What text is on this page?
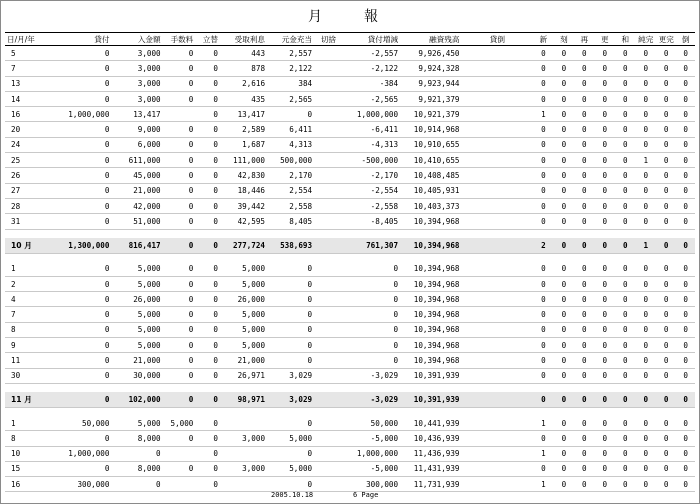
月　報
日/月/年	貸付	入金額	手数料	立替	受取利息	元金充当	切捨	貸付増減	融資残高	貸倒	新	刻	再	更	和	純完	更完	倒
5	0	3,000	0	0	443	2,557		-2,557	9,926,450		0	0	0	0	0	0	0	0
7	0	3,000	0	0	878	2,122		-2,122	9,924,328		0	0	0	0	0	0	0	0
13	0	3,000	0	0	2,616	384		-384	9,923,944		0	0	0	0	0	0	0	0
14	0	3,000	0	0	435	2,565		-2,565	9,921,379		0	0	0	0	0	0	0	0
16	1,000,000	13,417		0	13,417	0		1,000,000	10,921,379		1	0	0	0	0	0	0	0
20	0	9,000	0	0	2,589	6,411		-6,411	10,914,968		0	0	0	0	0	0	0	0
24	0	6,000	0	0	1,687	4,313		-4,313	10,910,655		0	0	0	0	0	0	0	0
25	0	611,000	0	0	111,000	500,000		-500,000	10,410,655		0	0	0	0	0	1	0	0
26	0	45,000	0	0	42,830	2,170		-2,170	10,408,485		0	0	0	0	0	0	0	0
27	0	21,000	0	0	18,446	2,554		-2,554	10,405,931		0	0	0	0	0	0	0	0
28	0	42,000	0	0	39,442	2,558		-2,558	10,403,373		0	0	0	0	0	0	0	0
31	0	51,000	0	0	42,595	8,405		-8,405	10,394,968		0	0	0	0	0	0	0	0

10 月	1,300,000	816,417	0	0	277,724	538,693		761,307	10,394,968		2	0	0	0	0	1	0	0

1	0	5,000	0	0	5,000	0		0	10,394,968		0	0	0	0	0	0	0	0
2	0	5,000	0	0	5,000	0		0	10,394,968		0	0	0	0	0	0	0	0
4	0	26,000	0	0	26,000	0		0	10,394,968		0	0	0	0	0	0	0	0
7	0	5,000	0	0	5,000	0		0	10,394,968		0	0	0	0	0	0	0	0
8	0	5,000	0	0	5,000	0		0	10,394,968		0	0	0	0	0	0	0	0
9	0	5,000	0	0	5,000	0		0	10,394,968		0	0	0	0	0	0	0	0
11	0	21,000	0	0	21,000	0		0	10,394,968		0	0	0	0	0	0	0	0
30	0	30,000	0	0	26,971	3,029		-3,029	10,391,939		0	0	0	0	0	0	0	0

11 月	0	102,000	0	0	98,971	3,029		-3,029	10,391,939		0	0	0	0	0	0	0	0

1	50,000	5,000	5,000	0		0		50,000	10,441,939		1	0	0	0	0	0	0	0
8	0	8,000	0	0	3,000	5,000		-5,000	10,436,939		0	0	0	0	0	0	0	0
10	1,000,000	0		0		0		1,000,000	11,436,939		1	0	0	0	0	0	0	0
15	0	8,000	0	0	3,000	5,000		-5,000	11,431,939		0	0	0	0	0	0	0	0
16	300,000	0		0		0		300,000	11,731,939		1	0	0	0	0	0	0	0
2005.10.18	6 Page
